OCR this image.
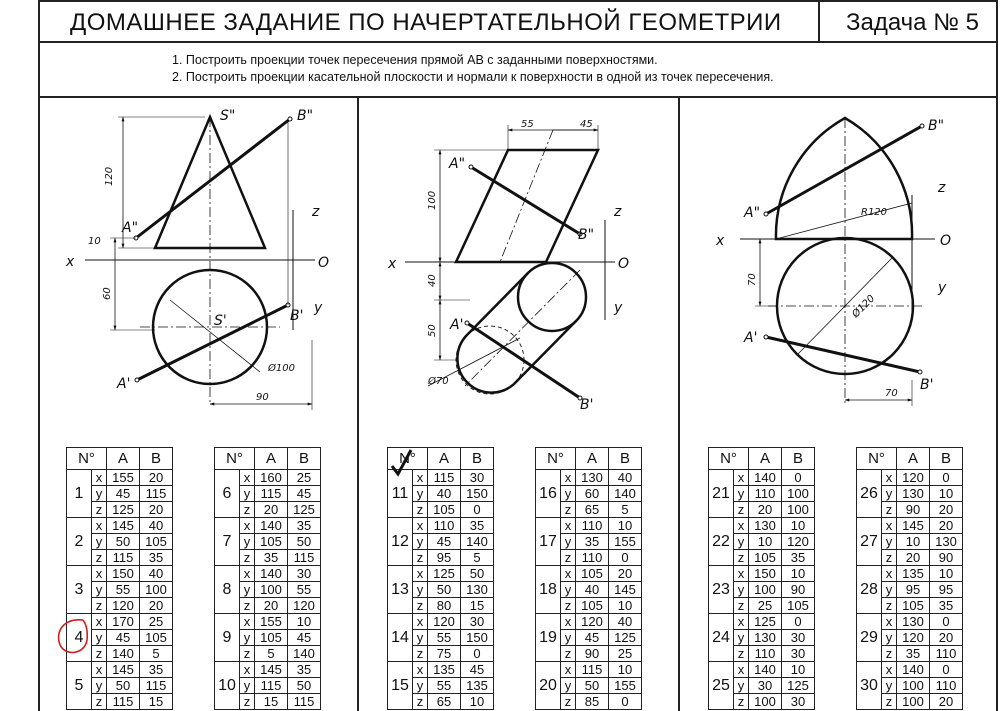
ДОМАШНЕЕ ЗАДАНИЕ ПО НАЧЕРТАТЕЛЬНОЙ ГЕОМЕТРИИ	Задача № 5
1. Построить проекции точек пересечения прямой AB с заданными поверхностями.
2. Построить проекции касательной плоскости и нормали к поверхности в одной из точек пересечения.
S"	B"
A"
S'	B'
A'
x
z
O
y
120
10
60
Ø100
90
A"
B"
A'
B'
x
z
O
y
55	45
100
40
50
Ø70
B"
A"
A'
B'
x
z
O
y
R120
70
Ø120
70
N°		A	B
1	x	155	20
	y	45	115
	z	125	20
2	x	145	40
	y	50	105
	z	115	35
3	x	150	40
	y	55	100
	z	120	20
4	x	170	25
	y	45	105
	z	140	5
5	x	145	35
	y	50	115
	z	115	15
N°		A	B
6	x	160	25
	y	115	45
	z	20	125
7	x	140	35
	y	105	50
	z	35	115
8	x	140	30
	y	100	55
	z	20	120
9	x	155	10
	y	105	45
	z	5	140
10	x	145	35
	y	115	50
	z	15	115
N°		A	B
11	x	115	30
	y	40	150
	z	105	0
12	x	110	35
	y	45	140
	z	95	5
13	x	125	50
	y	50	130
	z	80	15
14	x	120	30
	y	55	150
	z	75	0
15	x	135	45
	y	55	135
	z	65	10
N°		A	B
16	x	130	40
	y	60	140
	z	65	5
17	x	110	10
	y	35	155
	z	110	0
18	x	105	20
	y	40	145
	z	105	10
19	x	120	40
	y	45	125
	z	90	25
20	x	115	10
	y	50	155
	z	85	0
N°		A	B
21	x	140	0
	y	110	100
	z	20	100
22	x	130	10
	y	10	120
	z	105	35
23	x	150	10
	y	100	90
	z	25	105
24	x	125	0
	y	130	30
	z	110	30
25	x	140	10
	y	30	125
	z	100	30
N°		A	B
26	x	120	0
	y	130	10
	z	90	20
27	x	145	20
	y	10	130
	z	20	90
28	x	135	10
	y	95	95
	z	105	35
29	x	130	0
	y	120	20
	z	35	110
30	x	140	0
	y	100	110
	z	100	20
